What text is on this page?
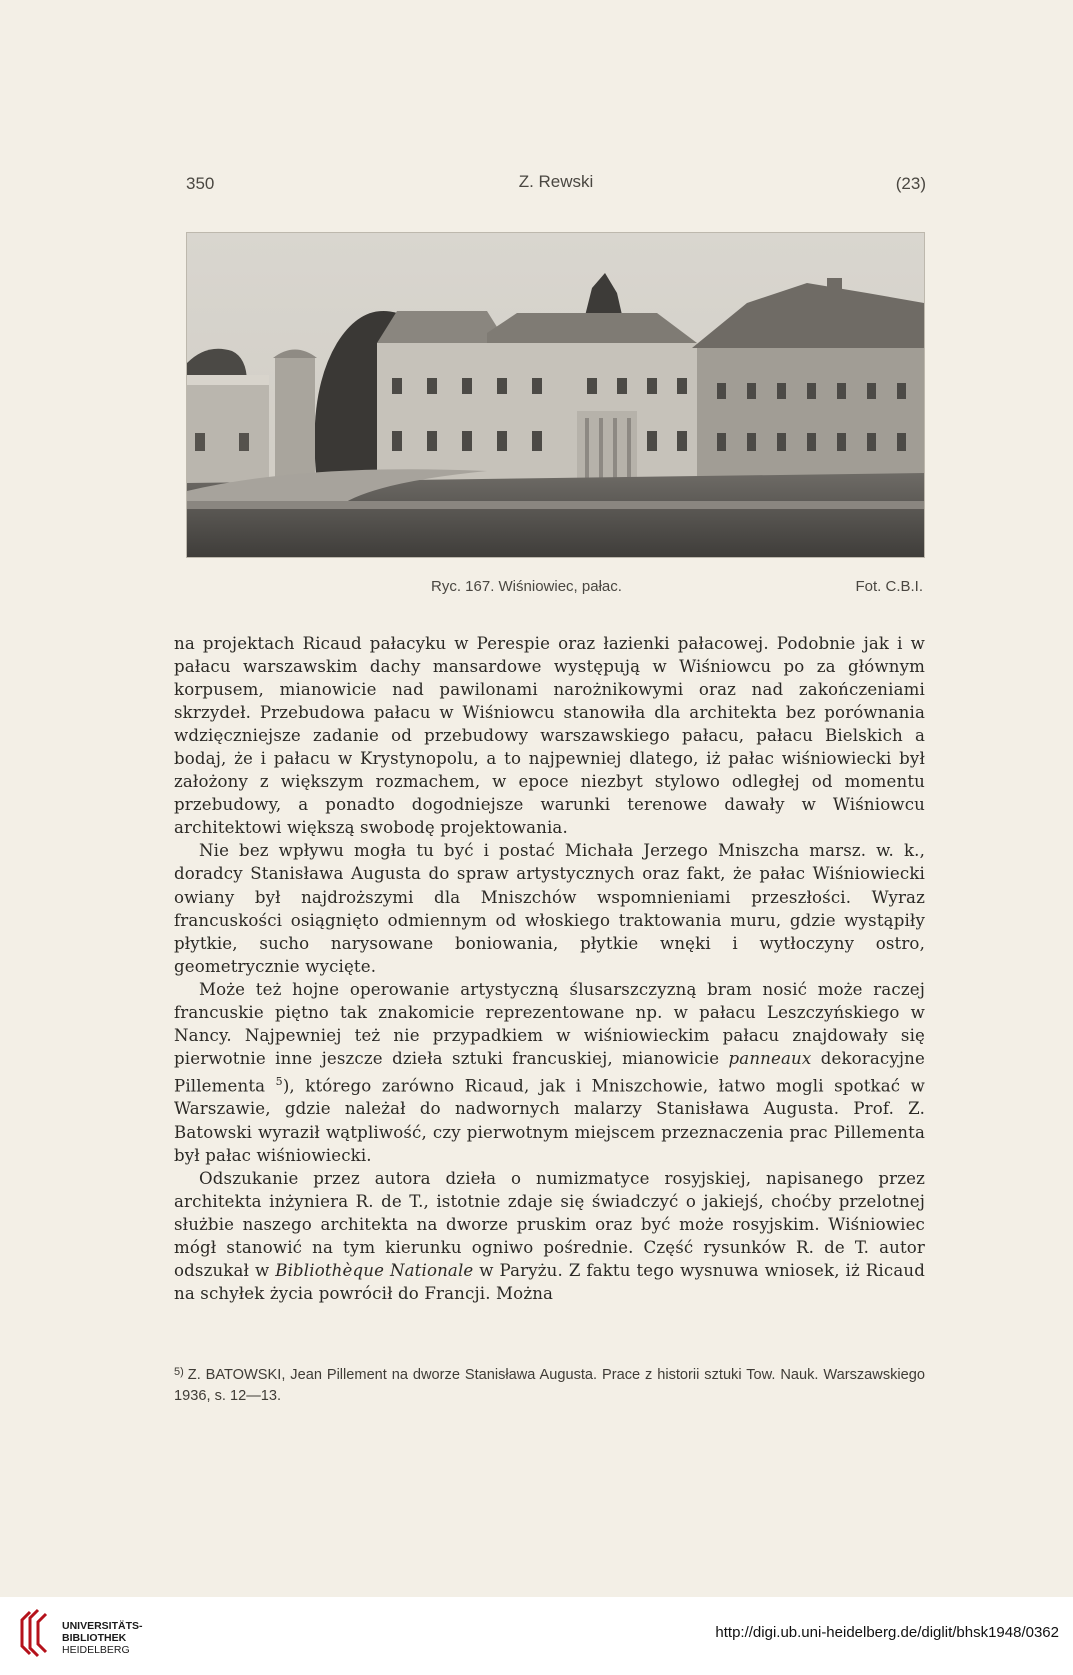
350	Z. Rewski	(23)
Ryc. 167. Wiśniowiec, pałac.	Fot. C.B.I.

na projektach Ricaud pałacyku w Perespie oraz łazienki pałacowej. Podobnie jak i w pałacu warszawskim dachy mansardowe występują w Wiśniowcu po za głównym korpusem, mianowicie nad pawilonami narożnikowymi oraz nad zakończeniami skrzydeł. Przebudowa pałacu w Wiśniowcu stanowiła dla architekta bez porównania wdzięczniejsze zadanie od przebudowy warszawskiego pałacu, pałacu Bielskich a bodaj, że i pałacu w Krystynopolu, a to najpewniej dlatego, iż pałac wiśniowiecki był założony z większym rozmachem, w epoce niezbyt stylowo odległej od momentu przebudowy, a ponadto dogodniejsze warunki terenowe dawały w Wiśniowcu architektowi większą swobodę projektowania.

Nie bez wpływu mogła tu być i postać Michała Jerzego Mniszcha marsz. w. k., doradcy Stanisława Augusta do spraw artystycznych oraz fakt, że pałac Wiśniowiecki owiany był najdroższymi dla Mniszchów wspomnieniami przeszłości. Wyraz francuskości osiągnięto odmiennym od włoskiego traktowania muru, gdzie wystąpiły płytkie, sucho narysowane boniowania, płytkie wnęki i wytłoczyny ostro, geometrycznie wycięte.

Może też hojne operowanie artystyczną ślusarszczyzną bram nosić może raczej francuskie piętno tak znakomicie reprezentowane np. w pałacu Leszczyńskiego w Nancy. Najpewniej też nie przypadkiem w wiśniowieckim pałacu znajdowały się pierwotnie inne jeszcze dzieła sztuki francuskiej, mianowicie panneaux dekoracyjne Pillementa $^5$), którego zarówno Ricaud, jak i Mniszchowie, łatwo mogli spotkać w Warszawie, gdzie należał do nadwornych malarzy Stanisława Augusta. Prof. Z. Batowski wyraził wątpliwość, czy pierwotnym miejscem przeznaczenia prac Pillementa był pałac wiśniowiecki.

Odszukanie przez autora dzieła o numizmatyce rosyjskiej, napisanego przez architekta inżyniera R. de T., istotnie zdaje się świadczyć o jakiejś, choćby przelotnej służbie naszego architekta na dworze pruskim oraz być może rosyjskim. Wiśniowiec mógł stanowić na tym kierunku ogniwo pośrednie. Część rysunków R. de T. autor odszukał w Bibliothèque Nationale w Paryżu. Z faktu tego wysnuwa wniosek, iż Ricaud na schyłek życia powrócił do Francji. Można

$^{5)}$ Z. BATOWSKI, Jean Pillement na dworze Stanisława Augusta. Prace z historii sztuki Tow. Nauk. Warszawskiego 1936, s. 12—13.
UNIVERSITÄTS-
BIBLIOTHEK
HEIDELBERG
http://digi.ub.uni-heidelberg.de/diglit/bhsk1948/0362
